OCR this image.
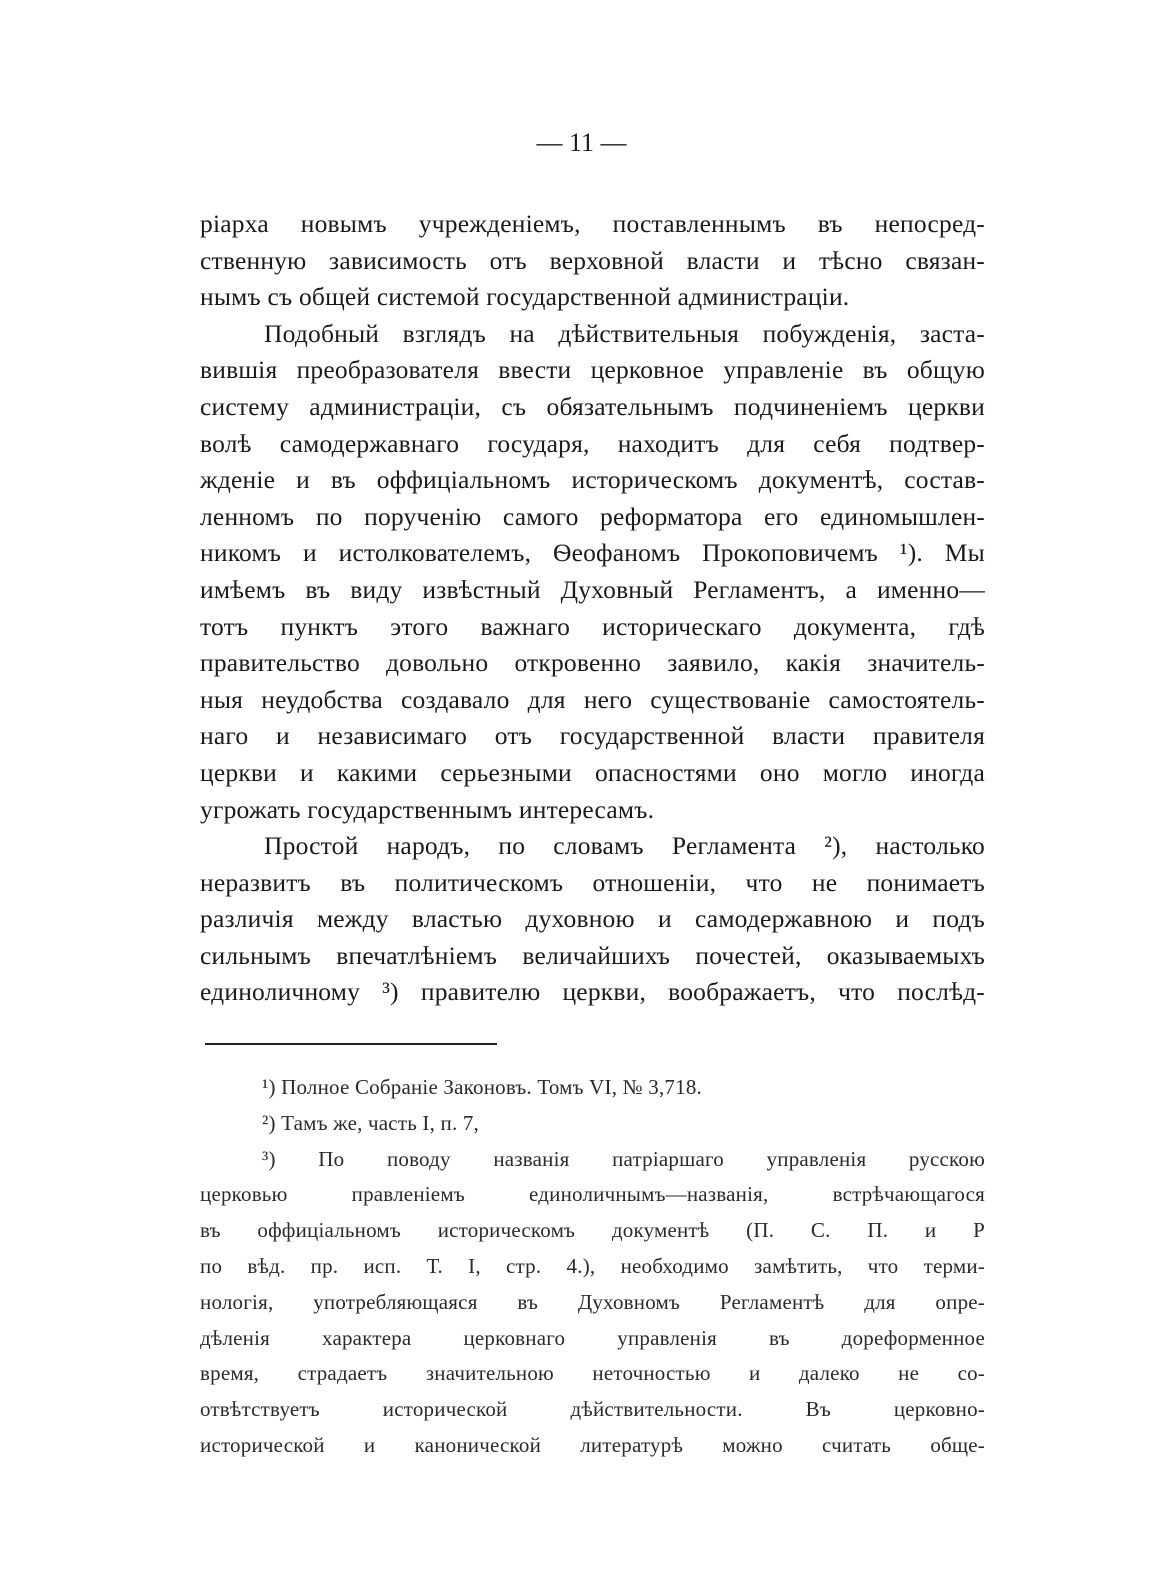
— 11 —
ріарха новымъ учрежденіемъ, поставленнымъ въ непосред-
ственную зависимость отъ верховной власти и тѣсно связан-
нымъ съ общей системой государственной администраціи.
Подобный взглядъ на дѣйствительныя побужденія, заста-
вившія преобразователя ввести церковное управленіе въ общую
систему администраціи, съ обязательнымъ подчиненіемъ церкви
волѣ самодержавнаго государя, находитъ для себя подтвер-
жденіе и въ оффиціальномъ историческомъ документѣ, состав-
ленномъ по порученію самого реформатора его единомышлен-
никомъ и истолкователемъ, Ѳеофаномъ Прокоповичемъ ¹). Мы
имѣемъ въ виду извѣстный Духовный Регламентъ, а именно—
тотъ пунктъ этого важнаго историческаго документа, гдѣ
правительство довольно откровенно заявило, какія значитель-
ныя неудобства создавало для него существованіе самостоятель-
наго и независимаго отъ государственной власти правителя
церкви и какими серьезными опасностями оно могло иногда
угрожать государственнымъ интересамъ.
Простой народъ, по словамъ Регламента ²), настолько
неразвитъ въ политическомъ отношеніи, что не понимаетъ
различія между властью духовною и самодержавною и подъ
сильнымъ впечатлѣніемъ величайшихъ почестей, оказываемыхъ
единоличному ³) правителю церкви, воображаетъ, что послѣд-
¹) Полное Собраніе Законовъ. Томъ VI, № 3,718.
²) Тамъ же, часть I, п. 7,
³) По поводу названія патріаршаго управленія русскою
церковью правленіемъ единоличнымъ—названія, встрѣчающагося
въ оффиціальномъ историческомъ документѣ (П. С. П. и Р
по вѣд. пр. исп. Т. I, стр. 4.), необходимо замѣтить, что терми-
нологія, употребляющаяся въ Духовномъ Регламентѣ для опре-
дѣленія характера церковнаго управленія въ дореформенное
время, страдаетъ значительною неточностью и далеко не со-
отвѣтствуетъ исторической дѣйствительности. Въ церковно-
исторической и канонической литературѣ можно считать обще-
